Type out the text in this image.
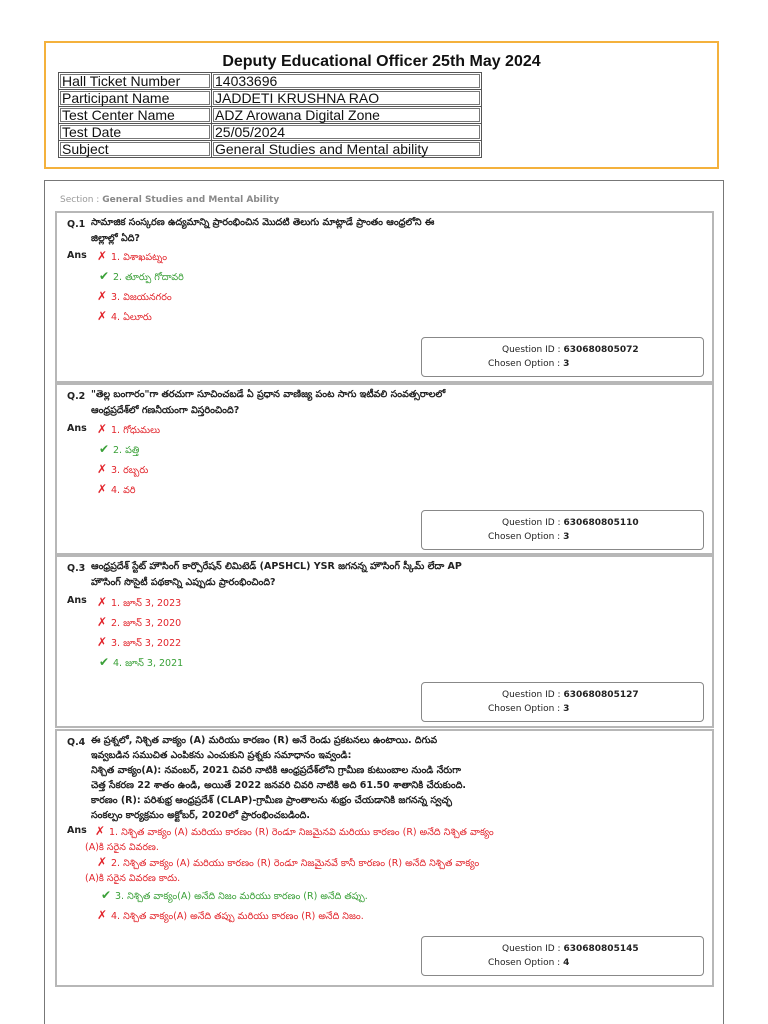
Deputy Educational Officer 25th May 2024
Hall Ticket Number	14033696
Participant Name	JADDETI KRUSHNA RAO
Test Center Name	ADZ Arowana Digital Zone
Test Date	25/05/2024
Subject	General Studies and Mental ability
Section : General Studies and Mental Ability
Q.1 సామాజిక సంస్కరణ ఉద్యమాన్ని ప్రారంభించిన మొదటి తెలుగు మాట్లాడే ప్రాంతం ఆంధ్రలోని ఈ
జిల్లాల్లో ఏది?
Ans ✗ 1. విశాఖపట్నం
✔ 2. తూర్పు గోదావరి
✗ 3. విజయనగరం
✗ 4. ఏలూరు
Question ID : 630680805072
Chosen Option : 3
Q.2 "తెల్ల బంగారం"గా తరచుగా సూచించబడే ఏ ప్రధాన వాణిజ్య పంట సాగు ఇటీవలి సంవత్సరాలలో
ఆంధ్రప్రదేశ్‌లో గణనీయంగా విస్తరించింది?
Ans ✗ 1. గోధుమలు
✔ 2. పత్తి
✗ 3. రబ్బరు
✗ 4. వరి
Question ID : 630680805110
Chosen Option : 3
Q.3 ఆంధ్రప్రదేశ్ స్టేట్ హౌసింగ్ కార్పొరేషన్ లిమిటెడ్ (APSHCL) YSR జగనన్న హౌసింగ్ స్కీమ్ లేదా AP
హౌసింగ్ సొసైటీ పథకాన్ని ఎప్పుడు ప్రారంభించింది?
Ans ✗ 1. జూన్ 3, 2023
✗ 2. జూన్ 3, 2020
✗ 3. జూన్ 3, 2022
✔ 4. జూన్ 3, 2021
Question ID : 630680805127
Chosen Option : 3
Q.4 ఈ ప్రశ్నలో, నిశ్చిత వాక్యం (A) మరియు కారణం (R) అనే రెండు ప్రకటనలు ఉంటాయి. దిగువ
ఇవ్వబడిన సముచిత ఎంపికను ఎంచుకుని ప్రశ్నకు సమాధానం ఇవ్వండి:
నిశ్చిత వాక్యం(A): నవంబర్, 2021 చివరి నాటికి ఆంధ్రప్రదేశ్‌లోని గ్రామీణ కుటుంబాల నుండి నేరుగా
చెత్త సేకరణ 22 శాతం ఉండి, అయితే 2022 జనవరి చివరి నాటికి అది 61.50 శాతానికి చేరుకుంది.
కారణం (R): పరిశుభ్ర ఆంధ్రప్రదేశ్ (CLAP)-గ్రామీణ ప్రాంతాలను శుభ్రం చేయడానికి జగనన్న స్వచ్ఛ
సంకల్పం కార్యక్రమం అక్టోబర్, 2020లో ప్రారంభించబడింది.
Ans ✗ 1. నిశ్చిత వాక్యం (A) మరియు కారణం (R) రెండూ నిజమైనవి మరియు కారణం (R) అనేది నిశ్చిత వాక్యం
(A)కి సరైన వివరణ.
✗ 2. నిశ్చిత వాక్యం (A) మరియు కారణం (R) రెండూ నిజమైనవే కానీ కారణం (R) అనేది నిశ్చిత వాక్యం
(A)కి సరైన వివరణ కాదు.
✔ 3. నిశ్చిత వాక్యం(A) అనేది నిజం మరియు కారణం (R) అనేది తప్పు.
✗ 4. నిశ్చిత వాక్యం(A) అనేది తప్పు మరియు కారణం (R) అనేది నిజం.
Question ID : 630680805145
Chosen Option : 4
